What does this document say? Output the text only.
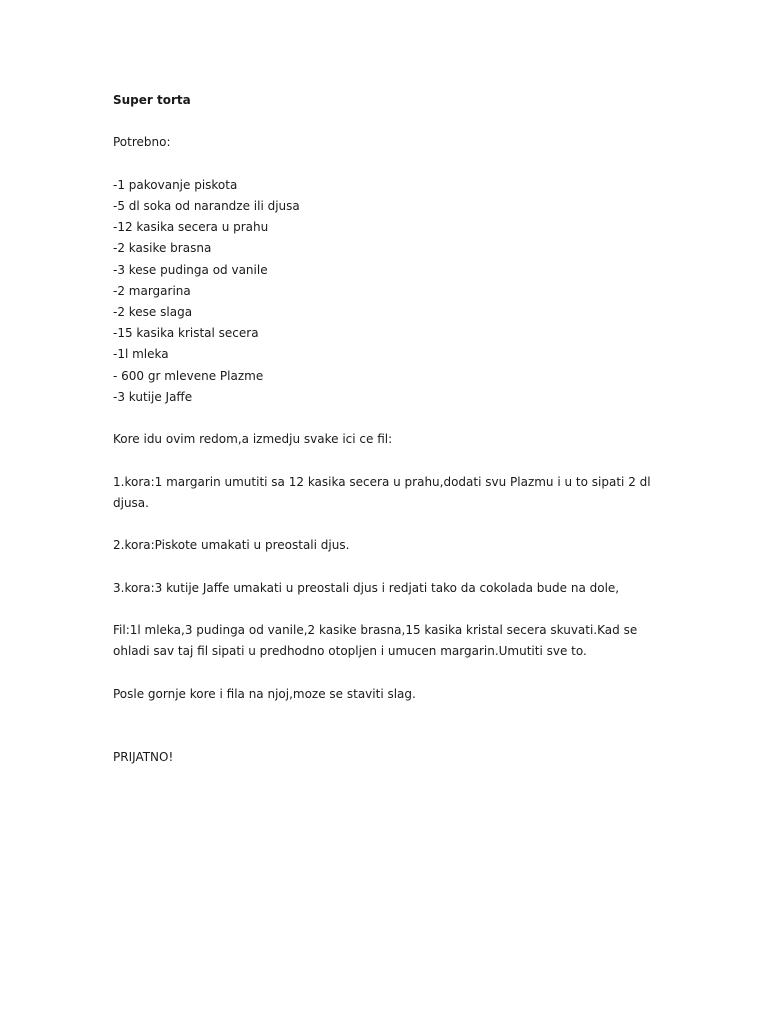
Super torta

Potrebno:

-1 pakovanje piskota
-5 dl soka od narandze ili djusa
-12 kasika secera u prahu
-2 kasike brasna
-3 kese pudinga od vanile
-2 margarina
-2 kese slaga
-15 kasika kristal secera
-1l mleka
- 600 gr mlevene Plazme
-3 kutije Jaffe

Kore idu ovim redom,a izmedju svake ici ce fil:

1.kora:1 margarin umutiti sa 12 kasika secera u prahu,dodati svu Plazmu i u to sipati 2 dl djusa.

2.kora:Piskote umakati u preostali djus.

3.kora:3 kutije Jaffe umakati u preostali djus i redjati tako da cokolada bude na dole,

Fil:1l mleka,3 pudinga od vanile,2 kasike brasna,15 kasika kristal secera skuvati.Kad se ohladi sav taj fil sipati u predhodno otopljen i umucen margarin.Umutiti sve to.

Posle gornje kore i fila na njoj,moze se staviti slag.

PRIJATNO!
